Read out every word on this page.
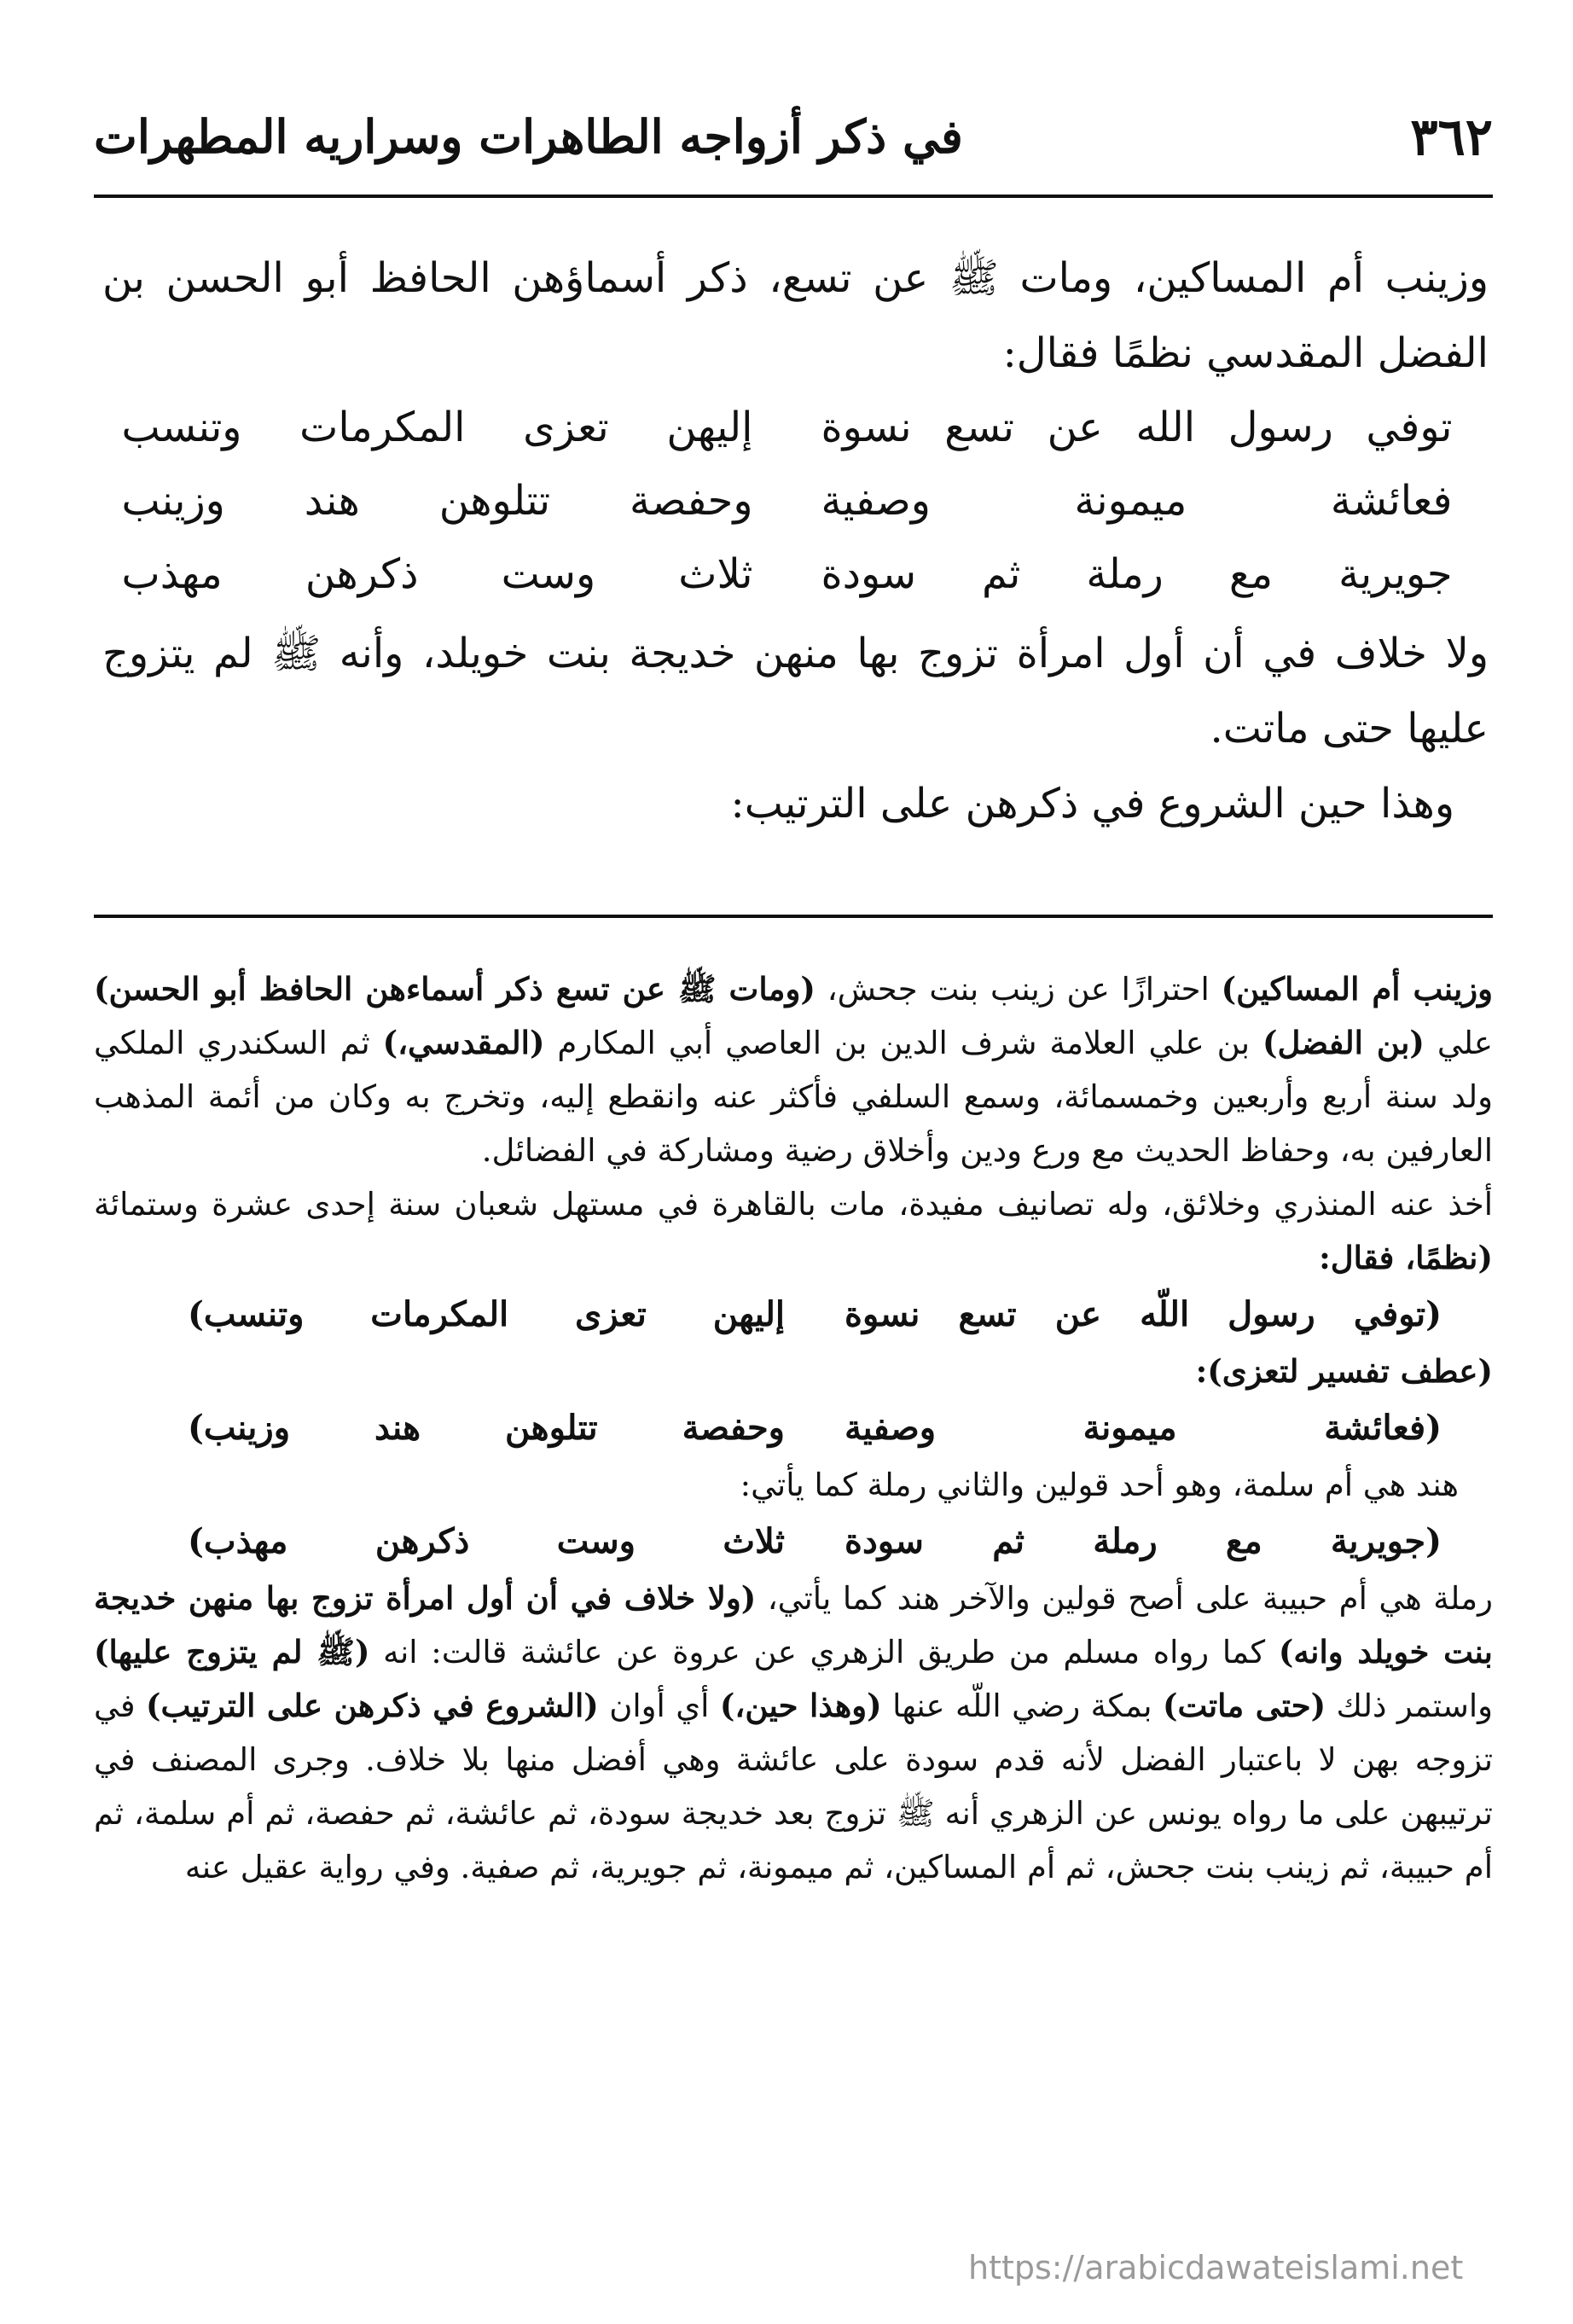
٣٦٢
في ذكر أزواجه الطاهرات وسراريه المطهرات

وزينب أم المساكين، ومات ﷺ عن تسع، ذكر أسماؤهن الحافظ أبو الحسن بن الفضل المقدسي نظمًا فقال:

توفي رسول الله عن تسع نسوة
إليهن تعزى المكرمات وتنسب
فعائشة ميمونة وصفية
وحفصة تتلوهن هند وزينب
جويرية مع رملة ثم سودة
ثلاث وست ذكرهن مهذب

ولا خلاف في أن أول امرأة تزوج بها منهن خديجة بنت خويلد، وأنه ﷺ لم يتزوج عليها حتى ماتت.

وهذا حين الشروع في ذكرهن على الترتيب:

وزينب أم المساكين) احترازًا عن زينب بنت جحش، (ومات ﷺ عن تسع ذكر أسماءهن الحافظ أبو الحسن) علي (بن الفضل) بن علي العلامة شرف الدين بن العاصي أبي المكارم (المقدسي،) ثم السكندري الملكي ولد سنة أربع وأربعين وخمسمائة، وسمع السلفي فأكثر عنه وانقطع إليه، وتخرج به وكان من أئمة المذهب العارفين به، وحفاظ الحديث مع ورع ودين وأخلاق رضية ومشاركة في الفضائل.

أخذ عنه المنذري وخلائق، وله تصانيف مفيدة، مات بالقاهرة في مستهل شعبان سنة إحدى عشرة وستمائة (نظمًا، فقال:

(توفي رسول اللّه عن تسع نسوة
إليهن تعزى المكرمات وتنسب)

(عطف تفسير لتعزى):

(فعائشة ميمونة وصفية
وحفصة تتلوهن هند وزينب)

هند هي أم سلمة، وهو أحد قولين والثاني رملة كما يأتي:

(جويرية مع رملة ثم سودة
ثلاث وست ذكرهن مهذب)

رملة هي أم حبيبة على أصح قولين والآخر هند كما يأتي، (ولا خلاف في أن أول امرأة تزوج بها منهن خديجة بنت خويلد وانه) كما رواه مسلم من طريق الزهري عن عروة عن عائشة قالت: انه (ﷺ لم يتزوج عليها) واستمر ذلك (حتى ماتت) بمكة رضي اللّه عنها (وهذا حين،) أي أوان (الشروع في ذكرهن على الترتيب) في تزوجه بهن لا باعتبار الفضل لأنه قدم سودة على عائشة وهي أفضل منها بلا خلاف. وجرى المصنف في ترتيبهن على ما رواه يونس عن الزهري أنه ﷺ تزوج بعد خديجة سودة، ثم عائشة، ثم حفصة، ثم أم سلمة، ثم أم حبيبة، ثم زينب بنت جحش، ثم أم المساكين، ثم ميمونة، ثم جويرية، ثم صفية. وفي رواية عقيل عنه

https://arabicdawateislami.net
